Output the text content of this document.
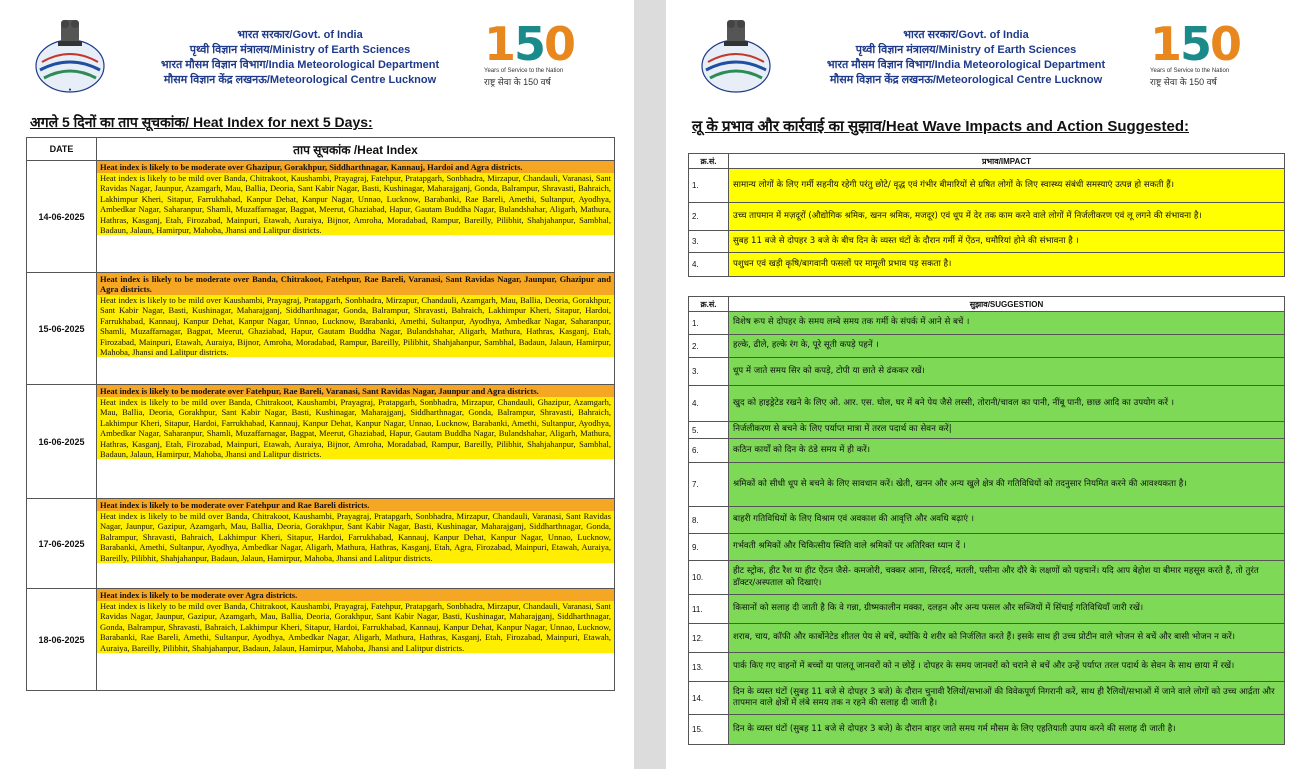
●
भारत सरकार/Govt. of India
पृथ्वी विज्ञान मंत्रालय/Ministry of Earth Sciences
भारत मौसम विज्ञान विभाग/India Meteorological Department
मौसम विज्ञान केंद्र लखनऊ/Meteorological Centre Lucknow
150
Years of Service to the Nation
राष्ट्र सेवा के 150 वर्ष
अगले 5 दिनों का ताप सूचकांक/ Heat Index for next 5 Days:
DATE	ताप सूचकांक /Heat Index
14-06-2025	Heat index is likely to be moderate over Ghazipur, Gorakhpur, Siddharthnagar, Kannauj, Hardoi and Agra districts.
Heat index is likely to be mild over Banda, Chitrakoot, Kaushambi, Prayagraj, Fatehpur, Pratapgarh, Sonbhadra, Mirzapur, Chandauli, Varanasi, Sant Ravidas Nagar, Jaunpur, Azamgarh, Mau, Ballia, Deoria, Sant Kabir Nagar, Basti, Kushinagar, Maharajganj, Gonda, Balrampur, Shravasti, Bahraich, Lakhimpur Kheri, Sitapur, Farrukhabad, Kanpur Dehat, Kanpur Nagar, Unnao, Lucknow, Barabanki, Rae Bareli, Amethi, Sultanpur, Ayodhya, Ambedkar Nagar, Saharanpur, Shamli, Muzaffarnagar, Bagpat, Meerut, Ghaziabad, Hapur, Gautam Buddha Nagar, Bulandshahar, Aligarh, Mathura, Hathras, Kasganj, Etah, Firozabad, Mainpuri, Etawah, Auraiya, Bijnor, Amroha, Moradabad, Rampur, Bareilly, Pilibhit, Shahjahanpur, Sambhal, Badaun, Jalaun, Hamirpur, Mahoba, Jhansi and Lalitpur districts.

15-06-2025	Heat index is likely to be moderate over Banda, Chitrakoot, Fatehpur, Rae Bareli, Varanasi, Sant Ravidas Nagar, Jaunpur, Ghazipur and Agra districts.
Heat index is likely to be mild over Kaushambi, Prayagraj, Pratapgarh, Sonbhadra, Mirzapur, Chandauli, Azamgarh, Mau, Ballia, Deoria, Gorakhpur, Sant Kabir Nagar, Basti, Kushinagar, Maharajganj, Siddharthnagar, Gonda, Balrampur, Shravasti, Bahraich, Lakhimpur Kheri, Sitapur, Hardoi, Farrukhabad, Kannauj, Kanpur Dehat, Kanpur Nagar, Unnao, Lucknow, Barabanki, Amethi, Sultanpur, Ayodhya, Ambedkar Nagar, Saharanpur, Shamli, Muzaffarnagar, Bagpat, Meerut, Ghaziabad, Hapur, Gautam Buddha Nagar, Bulandshahar, Aligarh, Mathura, Hathras, Kasganj, Etah, Firozabad, Mainpuri, Etawah, Auraiya, Bijnor, Amroha, Moradabad, Rampur, Bareilly, Pilibhit, Shahjahanpur, Sambhal, Badaun, Jalaun, Hamirpur, Mahoba, Jhansi and Lalitpur districts.

16-06-2025	Heat index is likely to be moderate over Fatehpur, Rae Bareli, Varanasi, Sant Ravidas Nagar, Jaunpur and Agra districts.
Heat index is likely to be mild over Banda, Chitrakoot, Kaushambi, Prayagraj, Pratapgarh, Sonbhadra, Mirzapur, Chandauli, Ghazipur, Azamgarh, Mau, Ballia, Deoria, Gorakhpur, Sant Kabir Nagar, Basti, Kushinagar, Maharajganj, Siddharthnagar, Gonda, Balrampur, Shravasti, Bahraich, Lakhimpur Kheri, Sitapur, Hardoi, Farrukhabad, Kannauj, Kanpur Dehat, Kanpur Nagar, Unnao, Lucknow, Barabanki, Amethi, Sultanpur, Ayodhya, Ambedkar Nagar, Saharanpur, Shamli, Muzaffarnagar, Bagpat, Meerut, Ghaziabad, Hapur, Gautam Buddha Nagar, Bulandshahar, Aligarh, Mathura, Hathras, Kasganj, Etah, Firozabad, Mainpuri, Etawah, Auraiya, Bijnor, Amroha, Moradabad, Rampur, Bareilly, Pilibhit, Shahjahanpur, Sambhal, Badaun, Jalaun, Hamirpur, Mahoba, Jhansi and Lalitpur districts.

17-06-2025	Heat index is likely to be moderate over Fatehpur and Rae Bareli districts.
Heat index is likely to be mild over Banda, Chitrakoot, Kaushambi, Prayagraj, Pratapgarh, Sonbhadra, Mirzapur, Chandauli, Varanasi, Sant Ravidas Nagar, Jaunpur, Gazipur, Azamgarh, Mau, Ballia, Deoria, Gorakhpur, Sant Kabir Nagar, Basti, Kushinagar, Maharajganj, Siddharthnagar, Gonda, Balrampur, Shravasti, Bahraich, Lakhimpur Kheri, Sitapur, Hardoi, Farrukhabad, Kannauj, Kanpur Dehat, Kanpur Nagar, Unnao, Lucknow, Barabanki, Amethi, Sultanpur, Ayodhya, Ambedkar Nagar, Aligarh, Mathura, Hathras, Kasganj, Etah, Agra, Firozabad, Mainpuri, Etawah, Auraiya, Bareilly, Pilibhit, Shahjahanpur, Badaun, Jalaun, Hamirpur, Mahoba, Jhansi and Lalitpur districts.

18-06-2025	Heat index is likely to be moderate over Agra districts.
Heat index is likely to be mild over Banda, Chitrakoot, Kaushambi, Prayagraj, Fatehpur, Pratapgarh, Sonbhadra, Mirzapur, Chandauli, Varanasi, Sant Ravidas Nagar, Jaunpur, Gazipur, Azamgarh, Mau, Ballia, Deoria, Gorakhpur, Sant Kabir Nagar, Basti, Kushinagar, Maharajganj, Siddharthnagar, Gonda, Balrampur, Shravasti, Bahraich, Lakhimpur Kheri, Sitapur, Hardoi, Farrukhabad, Kannauj, Kanpur Dehat, Kanpur Nagar, Unnao, Lucknow, Barabanki, Rae Bareli, Amethi, Sultanpur, Ayodhya, Ambedkar Nagar, Aligarh, Mathura, Hathras, Kasganj, Etah, Firozabad, Mainpuri, Etawah, Auraiya, Bareilly, Pilibhit, Shahjahanpur, Badaun, Jalaun, Hamirpur, Mahoba, Jhansi and Lalitpur districts.
भारत सरकार/Govt. of India
पृथ्वी विज्ञान मंत्रालय/Ministry of Earth Sciences
भारत मौसम विज्ञान विभाग/India Meteorological Department
मौसम विज्ञान केंद्र लखनऊ/Meteorological Centre Lucknow
150
Years of Service to the Nation
राष्ट्र सेवा के 150 वर्ष
लू के प्रभाव और कार्रवाई का सुझाव/Heat Wave Impacts and Action Suggested:
क्र.सं.	प्रभाव/IMPACT
1.	सामान्य लोगों के लिए गर्मी सहनीय रहेगी परंतु छोटे/ वृद्ध एवं गंभीर बीमारियों से ग्रषित लोगों के लिए स्वास्थ्य संबंधी समस्याएं उत्पन्न हो सकती हैं।
2.	उच्च तापमान में मज़दूरों (औद्योगिक श्रमिक, खनन श्रमिक, मजदूर) एवं धूप में देर तक काम करने वाले लोगों में निर्जलीकरण एवं लू लगने की संभावना है।
3.	सुबह 11 बजे से दोपहर 3 बजे के बीच दिन के व्यस्त घंटों के दौरान गर्मी में ऐंठन, घमौरियां होने की संभावना है ।
4.	पशुधन एवं खड़ी कृषि/बागवानी फसलों पर मामूली प्रभाव पड़ सकता है।
क्र.सं.	सुझाव/SUGGESTION
1.	विशेष रूप से दोपहर के समय लम्बे समय तक गर्मी के संपर्क में आने से बचें ।
2.	हल्के, ढीले, हल्के रंग के, पूरे सूती कपड़े पहनें ।
3.	धूप में जाते समय सिर को कपड़े, टोपी या छाते से ढंककर रखें।
4.	खुद को हाइड्रेटेड रखने के लिए ओ. आर. एस. घोल, घर में बने पेय जैसे लस्सी, तोरानी/चावल का पानी, नींबू पानी, छाछ आदि का उपयोग करें ।
5.	निर्जलीकरण से बचने के लिए पर्याप्त मात्रा में तरल पदार्थ का सेवन करें|
6.	कठिन कार्यों को दिन के ठंडे समय में ही करें।
7.	श्रमिकों को सीधी धूप से बचने के लिए सावधान करें। खेती, खनन और अन्य खुले क्षेत्र की गतिविधियों को तदनुसार नियमित करने की आवश्यकता है।
8.	बाहरी गतिविधियों के लिए विश्राम एवं अवकाश की आवृत्ति और अवधि बढ़ाएं ।
9.	गर्भवती श्रमिकों और चिकित्सीय स्थिति वाले श्रमिकों पर अतिरिक्त ध्यान दें ।
10.	हीट स्ट्रोक, हीट रैश या हीट ऐंठन जैसे- कमजोरी, चक्कर आना, सिरदर्द, मतली, पसीना और दौरे के लक्षणों को पहचानें। यदि आप बेहोश या बीमार महसूस करते हैं, तो तुरंत डॉक्टर/अस्पताल को दिखाएं।
11.	किसानों को सलाह दी जाती है कि वे गन्ना, ग्रीष्मकालीन मक्का, दलहन और अन्य फसल और सब्जियों में सिंचाई गतिविधियाँ जारी रखें।
12.	शराब, चाय, कॉफी और कार्बोनेटेड शीतल पेय से बचें, क्योंकि ये शरीर को निर्जलित करते हैं। इसके साथ ही उच्च प्रोटीन वाले भोजन से बचें और बासी भोजन न करें।
13.	पार्क किए गए वाहनों में बच्चों या पालतू जानवरों को न छोड़ें । दोपहर के समय जानवरों को चराने से बचें और उन्हें पर्याप्त तरल पदार्थ के सेवन के साथ छाया में रखें।
14.	दिन के व्यस्त घंटों (सुबह 11 बजे से दोपहर 3 बजे) के दौरान चुनावी रैलियों/सभाओं की विवेकपूर्ण निगरानी करें, साथ ही रैलियों/सभाओं में जाने वाले लोगों को उच्च आर्द्रता और तापमान वाले क्षेत्रों में लंबे समय तक न रहने की सलाह दी जाती है।
15.	दिन के व्यस्त घंटों (सुबह 11 बजे से दोपहर 3 बजे) के दौरान बाहर जाते समय गर्म मौसम के लिए एहतियाती उपाय करने की सलाह दी जाती है।
